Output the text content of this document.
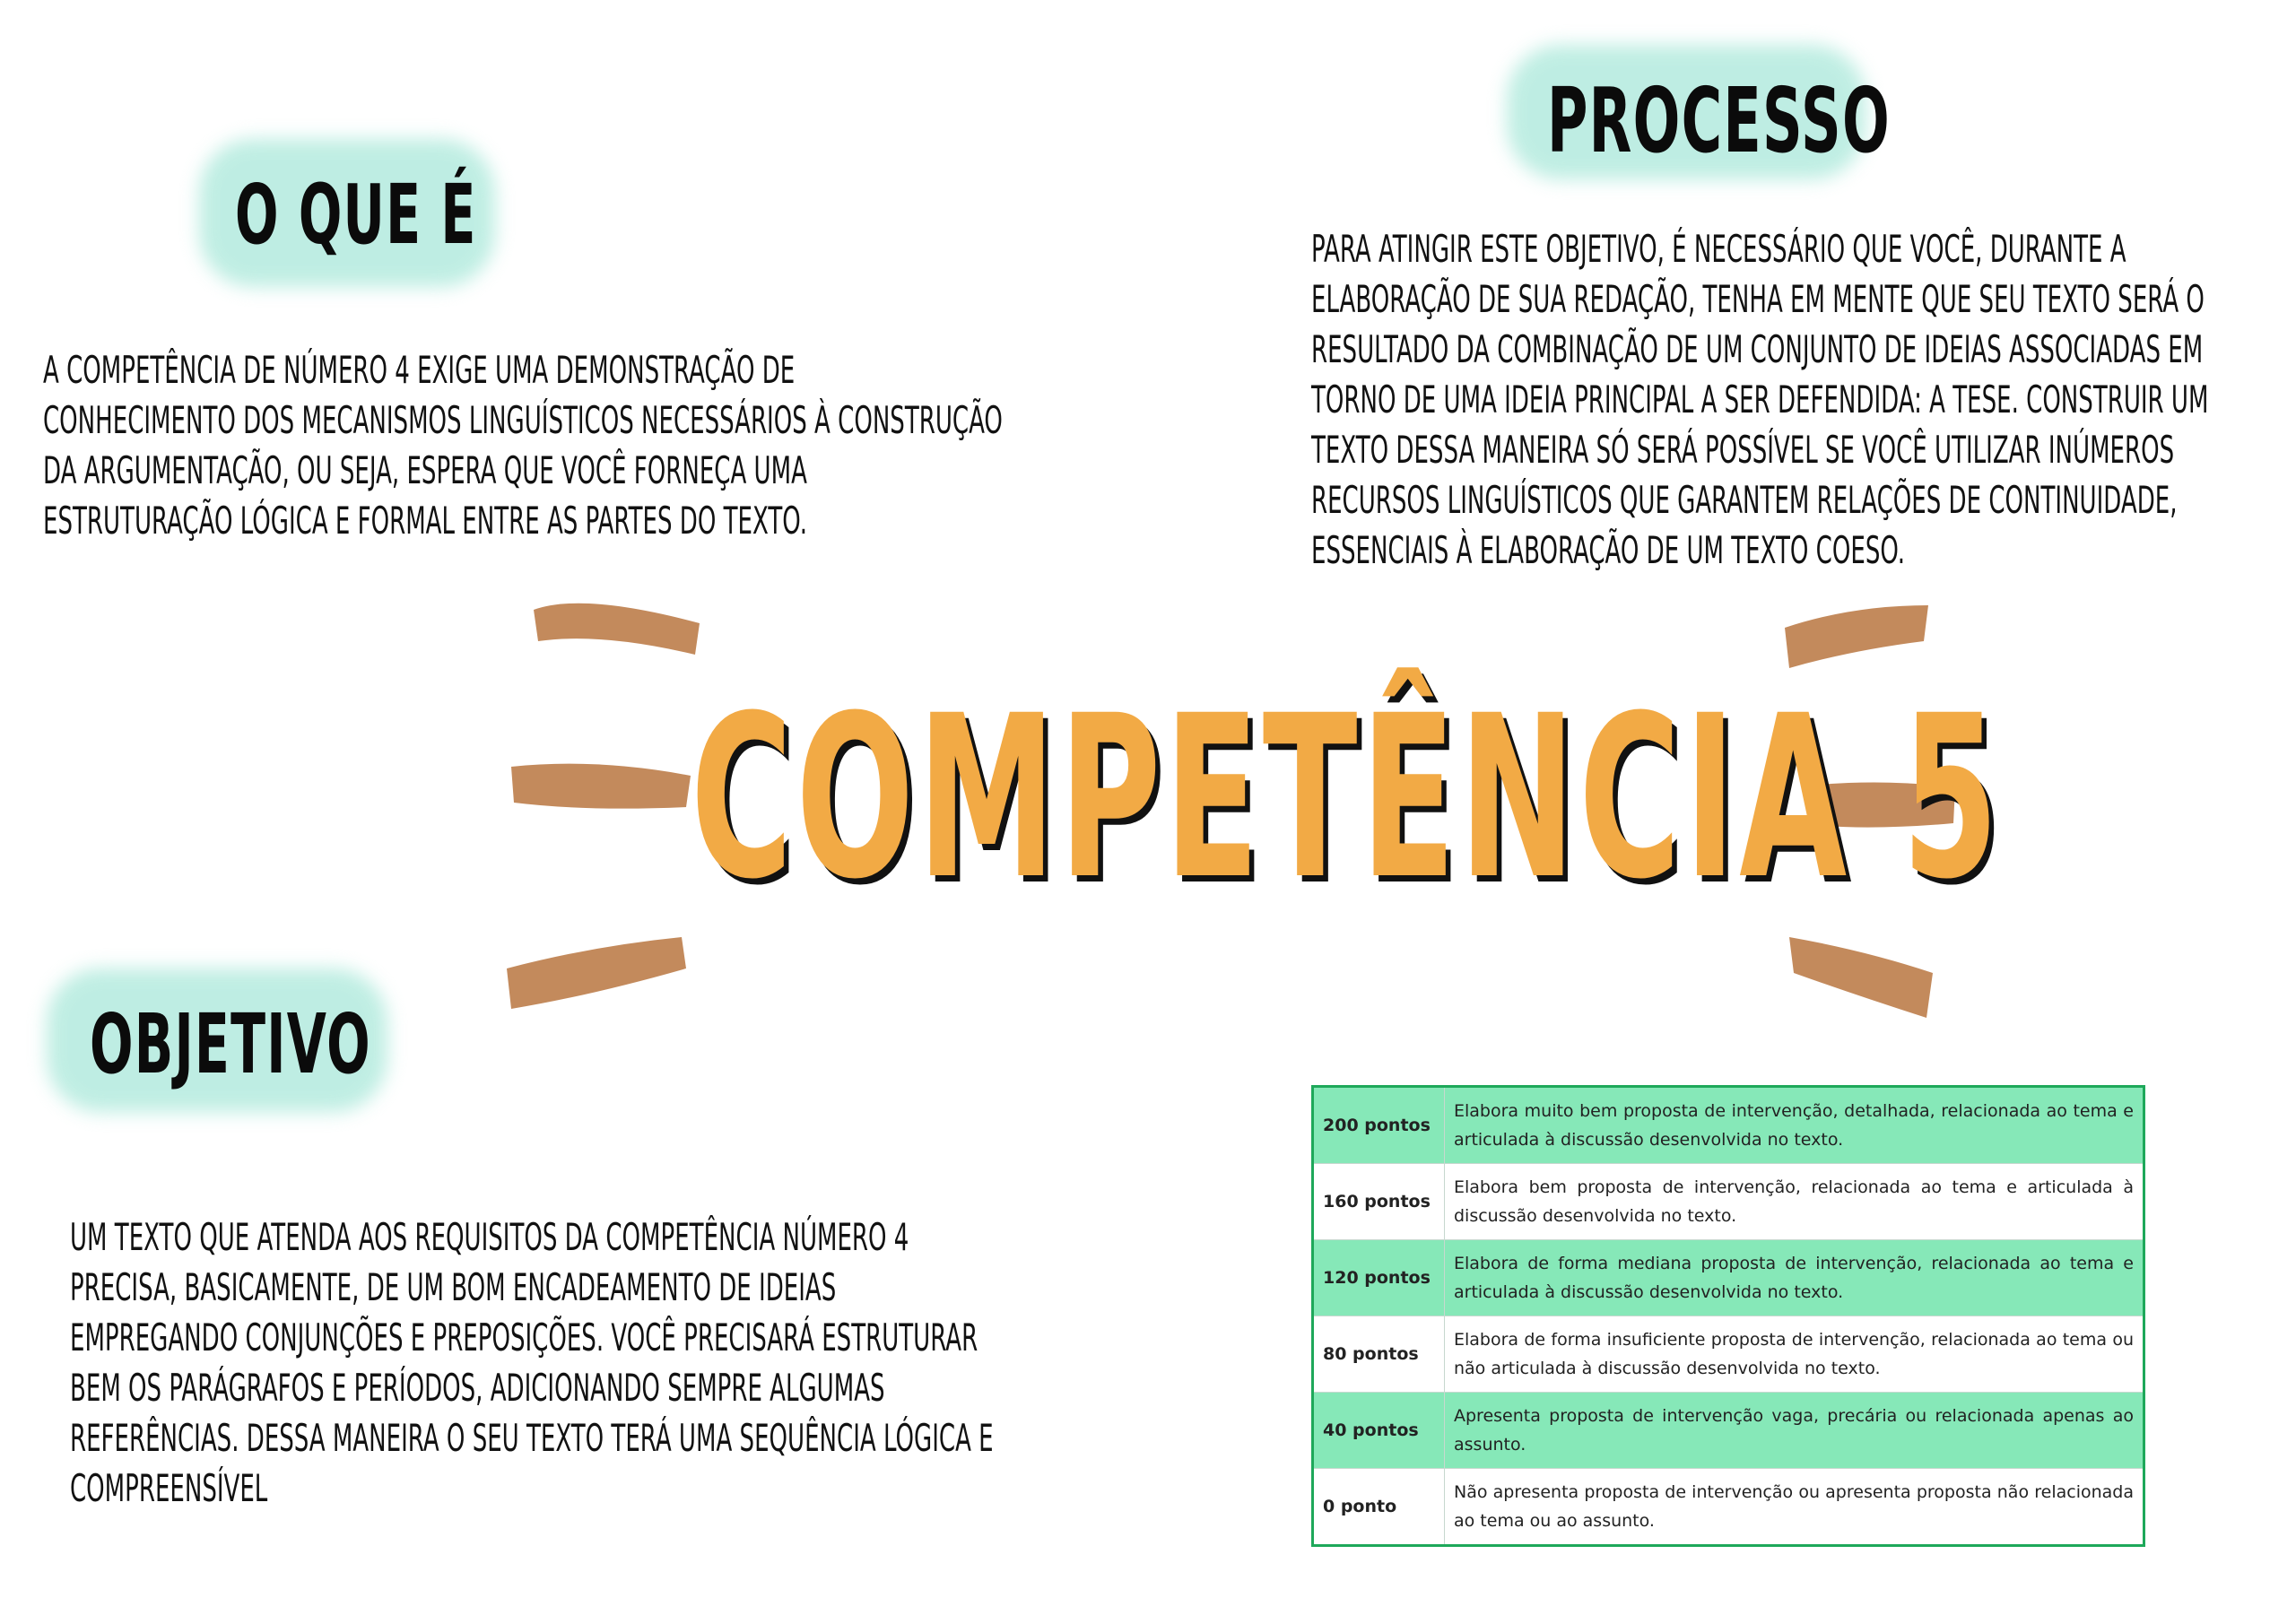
O QUE É
PROCESSO
OBJETIVO
A COMPETÊNCIA DE NÚMERO 4 EXIGE UMA DEMONSTRAÇÃO DE
CONHECIMENTO DOS MECANISMOS LINGUÍSTICOS NECESSÁRIOS À CONSTRUÇÃO
DA ARGUMENTAÇÃO, OU SEJA, ESPERA QUE VOCÊ FORNEÇA UMA
ESTRUTURAÇÃO LÓGICA E FORMAL ENTRE AS PARTES DO TEXTO.
PARA ATINGIR ESTE OBJETIVO, É NECESSÁRIO QUE VOCÊ, DURANTE A
ELABORAÇÃO DE SUA REDAÇÃO, TENHA EM MENTE QUE SEU TEXTO SERÁ O
RESULTADO DA COMBINAÇÃO DE UM CONJUNTO DE IDEIAS ASSOCIADAS EM
TORNO DE UMA IDEIA PRINCIPAL A SER DEFENDIDA: A TESE. CONSTRUIR UM
TEXTO DESSA MANEIRA SÓ SERÁ POSSÍVEL SE VOCÊ UTILIZAR INÚMEROS
RECURSOS LINGUÍSTICOS QUE GARANTEM RELAÇÕES DE CONTINUIDADE,
ESSENCIAIS À ELABORAÇÃO DE UM TEXTO COESO.
UM TEXTO QUE ATENDA AOS REQUISITOS DA COMPETÊNCIA NÚMERO 4
PRECISA, BASICAMENTE, DE UM BOM ENCADEAMENTO DE IDEIAS
EMPREGANDO CONJUNÇÕES E PREPOSIÇÕES. VOCÊ PRECISARÁ ESTRUTURAR
BEM OS PARÁGRAFOS E PERÍODOS, ADICIONANDO SEMPRE ALGUMAS
REFERÊNCIAS. DESSA MANEIRA O SEU TEXTO TERÁ UMA SEQUÊNCIA LÓGICA E
COMPREENSÍVEL
COMPETÊNCIA 5
200 pontos	Elabora muito bem proposta de intervenção, detalhada, relacionada ao tema e articulada à discussão desenvolvida no texto.
160 pontos	Elabora bem proposta de intervenção, relacionada ao tema e articulada à discussão desenvolvida no texto.
120 pontos	Elabora de forma mediana proposta de intervenção, relacionada ao tema e articulada à discussão desenvolvida no texto.
80 pontos	Elabora de forma insuficiente proposta de intervenção, relacionada ao tema ou não articulada à discussão desenvolvida no texto.
40 pontos	Apresenta proposta de intervenção vaga, precária ou relacionada apenas ao assunto.
0 ponto	Não apresenta proposta de intervenção ou apresenta proposta não relacionada ao tema ou ao assunto.
